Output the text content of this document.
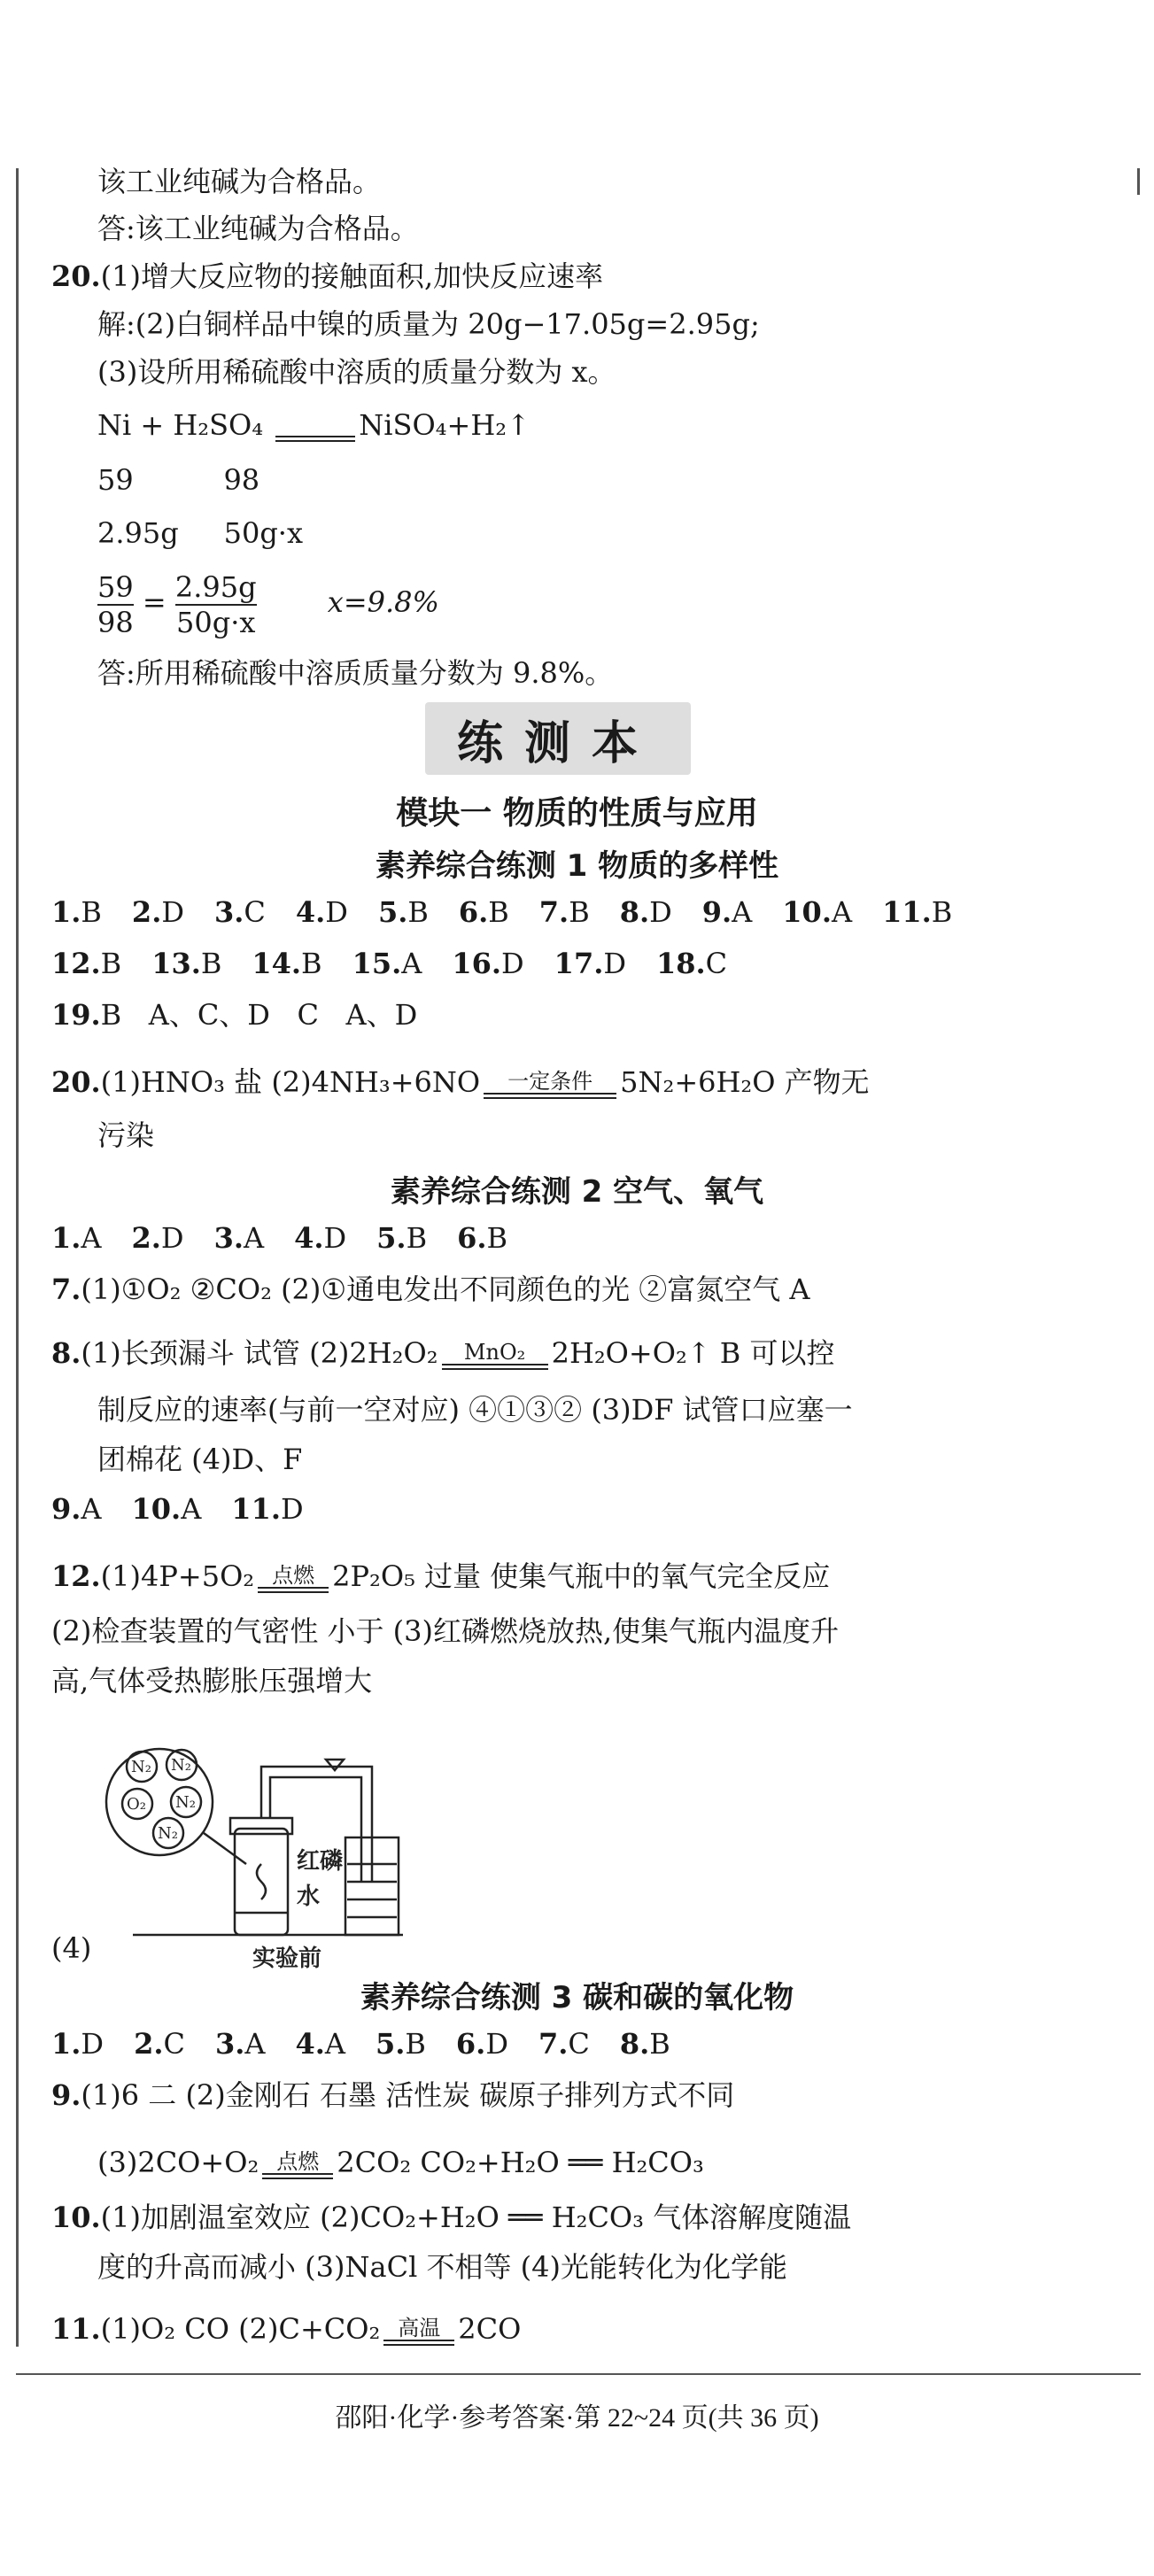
该工业纯碱为合格品。
答:该工业纯碱为合格品。
20.(1)增大反应物的接触面积,加快反应速率
解:(2)白铜样品中镍的质量为 20g−17.05g=2.95g;
(3)设所用稀硫酸中溶质的质量分数为 x。
Ni + H₂SO₄
	NiSO₄+H₂↑
59          98
2.95g     50g·x
$\frac{59}{98} = \frac{2.95g}{50g\cdot x}$	x=9.8%
答:所用稀硫酸中溶质质量分数为 9.8%。
练测本
模块一 物质的性质与应用
素养综合练测 1 物质的多样性
1.B 2.D 3.C 4.D 5.B 6.B 7.B 8.D 9.A 10.A 11.B
12.B 13.B 14.B 15.A 16.D 17.D 18.C
19.B   A、C、D   C   A、D
20.(1)HNO₃ 盐 (2)4NH₃+6NO	一定条件 5N₂+6H₂O 产物无
污染
素养综合练测 2 空气、氧气
1.A 2.D 3.A 4.D 5.B 6.B
7.(1)①O₂ ②CO₂ (2)①通电发出不同颜色的光 ②富氮空气 A
8.(1)长颈漏斗 试管 (2)2H₂O₂	MnO₂ 2H₂O+O₂↑ B 可以控
制反应的速率(与前一空对应) ④①③② (3)DF 试管口应塞一
团棉花 (4)D、F
9.A 10.A 11.D
12.(1)4P+5O₂ 点燃 2P₂O₅ 过量 使集气瓶中的氧气完全反应
(2)检查装置的气密性 小于 (3)红磷燃烧放热,使集气瓶内温度升
高,气体受热膨胀压强增大
N₂ N₂
O₂ N₂
N₂
红磷
水
实验前
(4)
素养综合练测 3 碳和碳的氧化物
1.D 2.C 3.A 4.A 5.B 6.D 7.C 8.B
9.(1)6 二 (2)金刚石 石墨 活性炭 碳原子排列方式不同
(3)2CO+O₂ 点燃 2CO₂ CO₂+H₂O ══ H₂CO₃
10.(1)加剧温室效应 (2)CO₂+H₂O ══ H₂CO₃ 气体溶解度随温
度的升高而减小 (3)NaCl 不相等 (4)光能转化为化学能
11.(1)O₂ CO (2)C+CO₂ 高温 2CO
邵阳·化学·参考答案·第 22~24 页(共 36 页)
